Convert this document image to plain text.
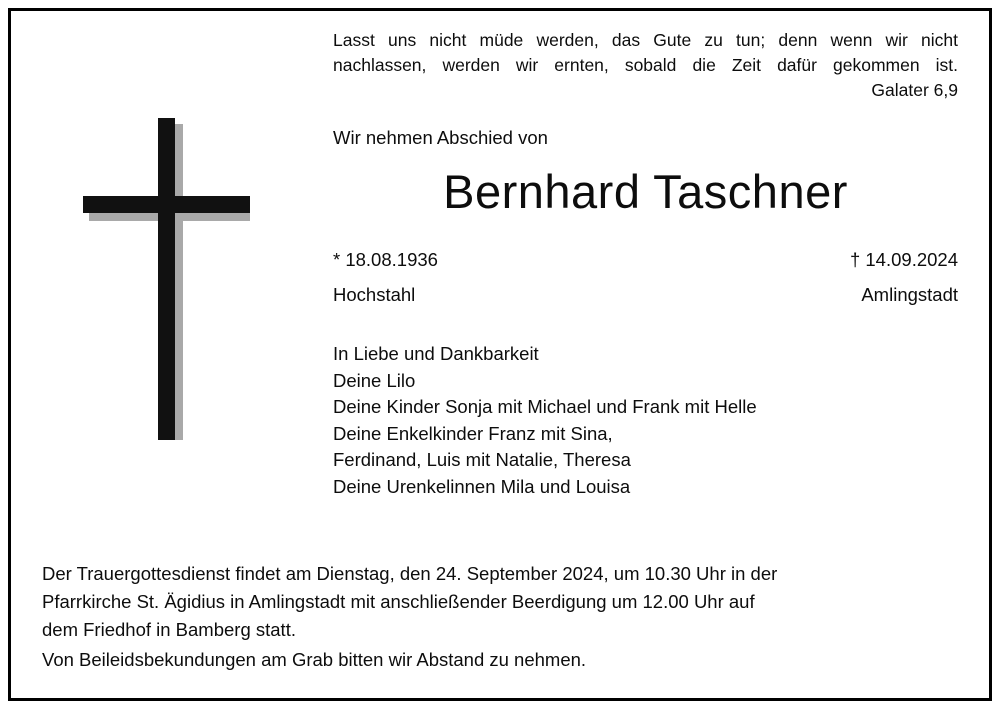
Lasst uns nicht müde werden, das Gute zu tun; denn wenn wir nicht

nachlassen, werden wir ernten, sobald die Zeit dafür gekommen ist.

Galater 6,9

Wir nehmen Abschied von

Bernhard Taschner
* 18.08.1936	† 14.09.2024
Hochstahl	Amlingstadt
In Liebe und Dankbarkeit
Deine Lilo
Deine Kinder Sonja mit Michael und Frank mit Helle
Deine Enkelkinder Franz mit Sina,
Ferdinand, Luis mit Natalie, Theresa
Deine Urenkelinnen Mila und Louisa

Der Trauergottesdienst findet am Dienstag, den 24. September 2024, um 10.30 Uhr in der

Pfarrkirche St. Ägidius in Amlingstadt mit anschließender Beerdigung um 12.00 Uhr auf

dem Friedhof in Bamberg statt.

Von Beileidsbekundungen am Grab bitten wir Abstand zu nehmen.
